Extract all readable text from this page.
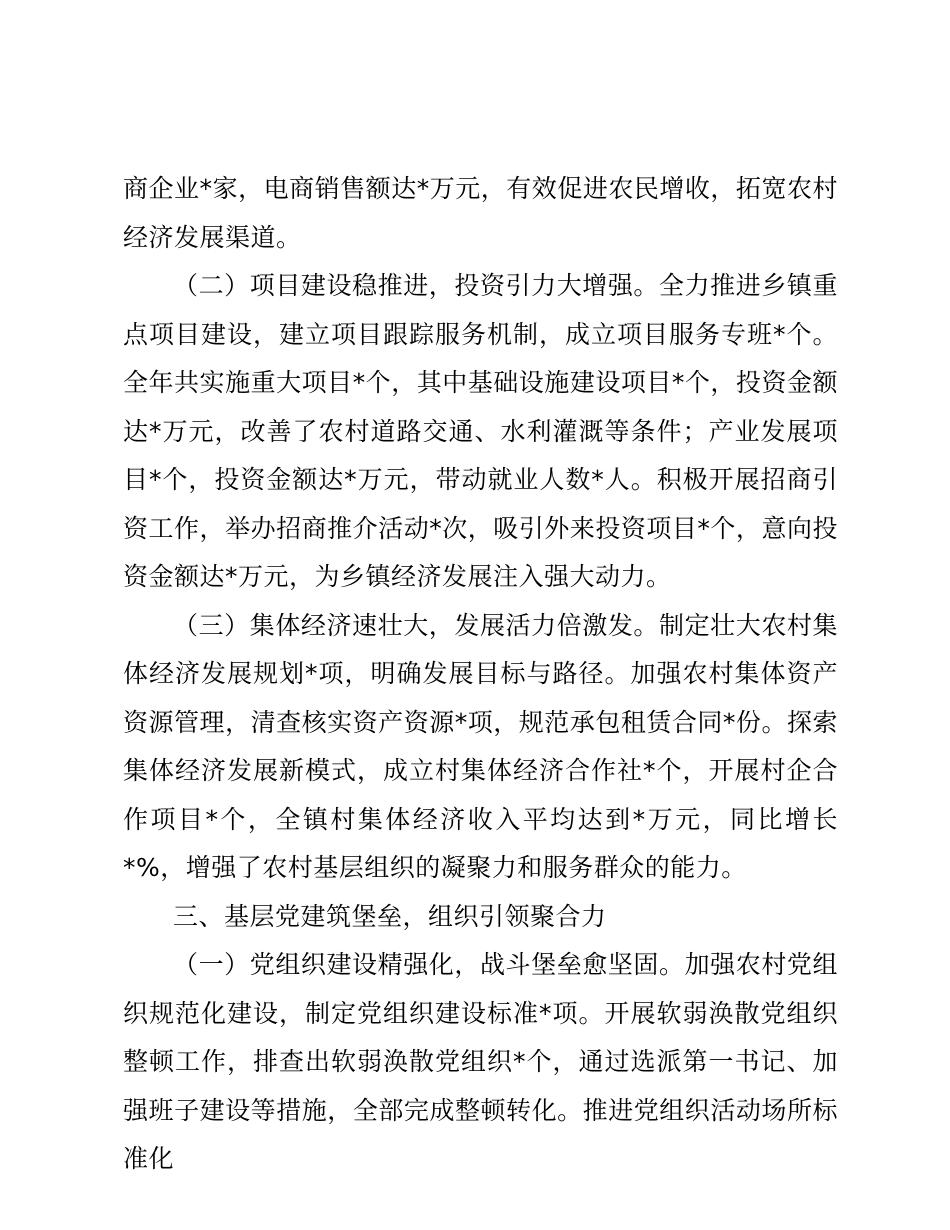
商企业*家，电商销售额达*万元，有效促进农民增收，拓宽农村经济发展渠道。

（二）项目建设稳推进，投资引力大增强。全力推进乡镇重点项目建设，建立项目跟踪服务机制，成立项目服务专班*个。全年共实施重大项目*个，其中基础设施建设项目*个，投资金额达*万元，改善了农村道路交通、水利灌溉等条件；产业发展项目*个，投资金额达*万元，带动就业人数*人。积极开展招商引资工作，举办招商推介活动*次，吸引外来投资项目*个，意向投资金额达*万元，为乡镇经济发展注入强大动力。

（三）集体经济速壮大，发展活力倍激发。制定壮大农村集体经济发展规划*项，明确发展目标与路径。加强农村集体资产资源管理，清查核实资产资源*项，规范承包租赁合同*份。探索集体经济发展新模式，成立村集体经济合作社*个，开展村企合作项目*个，全镇村集体经济收入平均达到*万元，同比增长*%，增强了农村基层组织的凝聚力和服务群众的能力。

三、基层党建筑堡垒，组织引领聚合力

（一）党组织建设精强化，战斗堡垒愈坚固。加强农村党组织规范化建设，制定党组织建设标准*项。开展软弱涣散党组织整顿工作，排查出软弱涣散党组织*个，通过选派第一书记、加强班子建设等措施，全部完成整顿转化。推进党组织活动场所标准化
